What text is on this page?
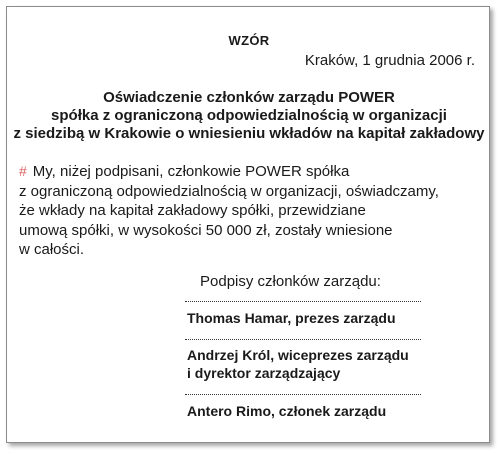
WZÓR
Kraków, 1 grudnia 2006 r.
Oświadczenie członków zarządu POWER
spółka z ograniczoną odpowiedzialnością w organizacji
z siedzibą w Krakowie o wniesieniu wkładów na kapitał zakładowy
# My, niżej podpisani, członkowie POWER spółka
z ograniczoną odpowiedzialnością w organizacji, oświadczamy,
że wkłady na kapitał zakładowy spółki, przewidziane
umową spółki, w wysokości 50 000 zł, zostały wniesione
w całości.
Podpisy członków zarządu:
Thomas Hamar, prezes zarządu
Andrzej Król, wiceprezes zarządu
i dyrektor zarządzający
Antero Rimo, członek zarządu
